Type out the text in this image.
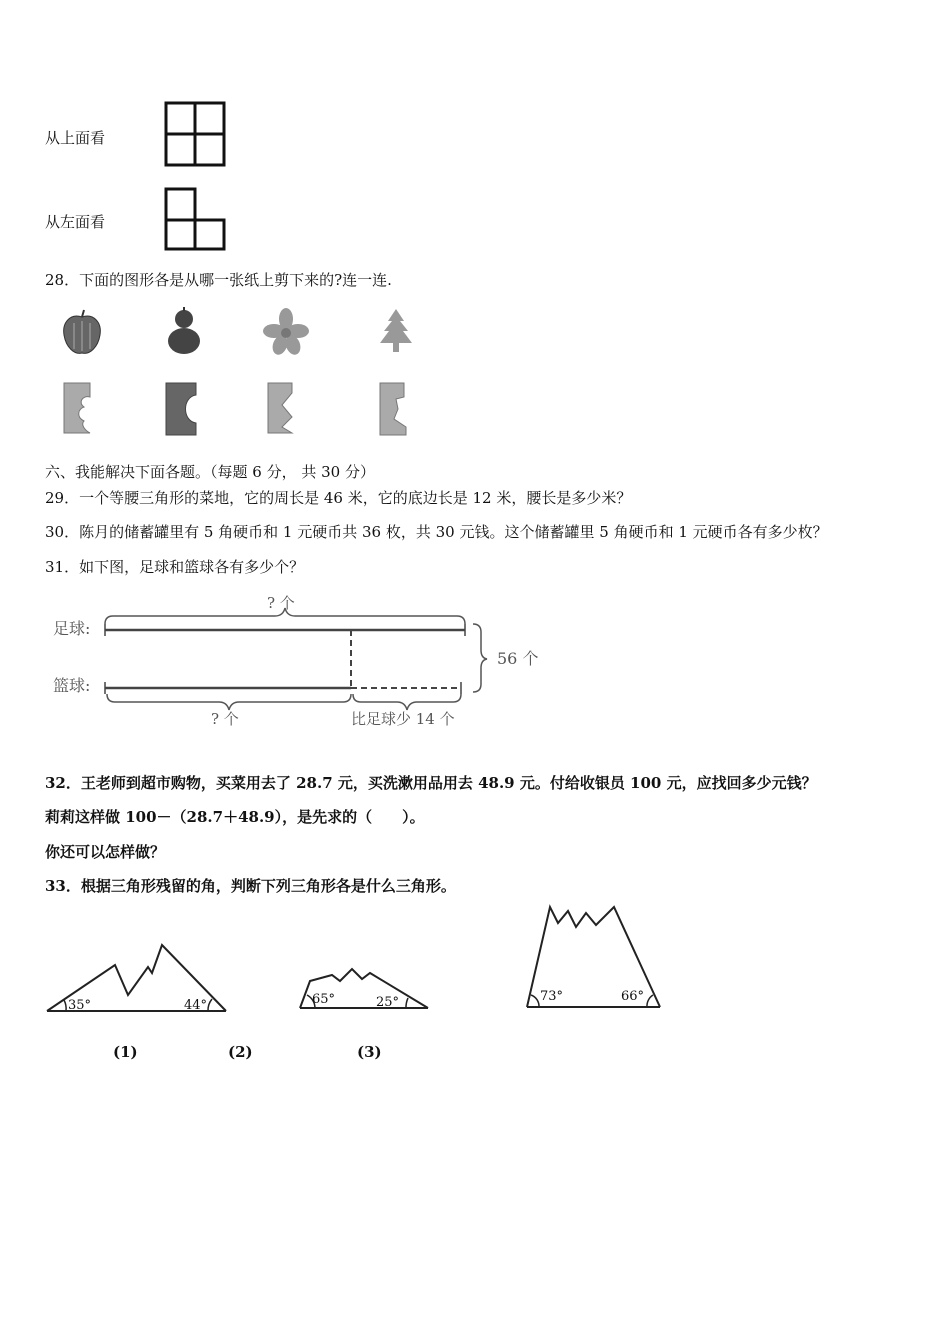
从上面看
从左面看
28．下面的图形各是从哪一张纸上剪下来的?连一连.
六、我能解决下面各题。（每题 6 分， 共 30 分）
29．一个等腰三角形的菜地，它的周长是 46 米，它的底边长是 12 米，腰长是多少米？
30．陈月的储蓄罐里有 5 角硬币和 1 元硬币共 36 枚，共 30 元钱。这个储蓄罐里 5 角硬币和 1 元硬币各有多少枚？
31．如下图，足球和篮球各有多少个？
足球:
篮球:
? 个
56 个
? 个	比足球少 14 个
32．王老师到超市购物，买菜用去了 28.7 元，买洗漱用品用去 48.9 元。付给收银员 100 元，应找回多少元钱？
莉莉这样做 100－（28.7＋48.9），是先求的（　　）。
你还可以怎样做？
33．根据三角形残留的角，判断下列三角形各是什么三角形。
35°	44°	65°	25°	73°	66°
(1)	(2)	(3)
